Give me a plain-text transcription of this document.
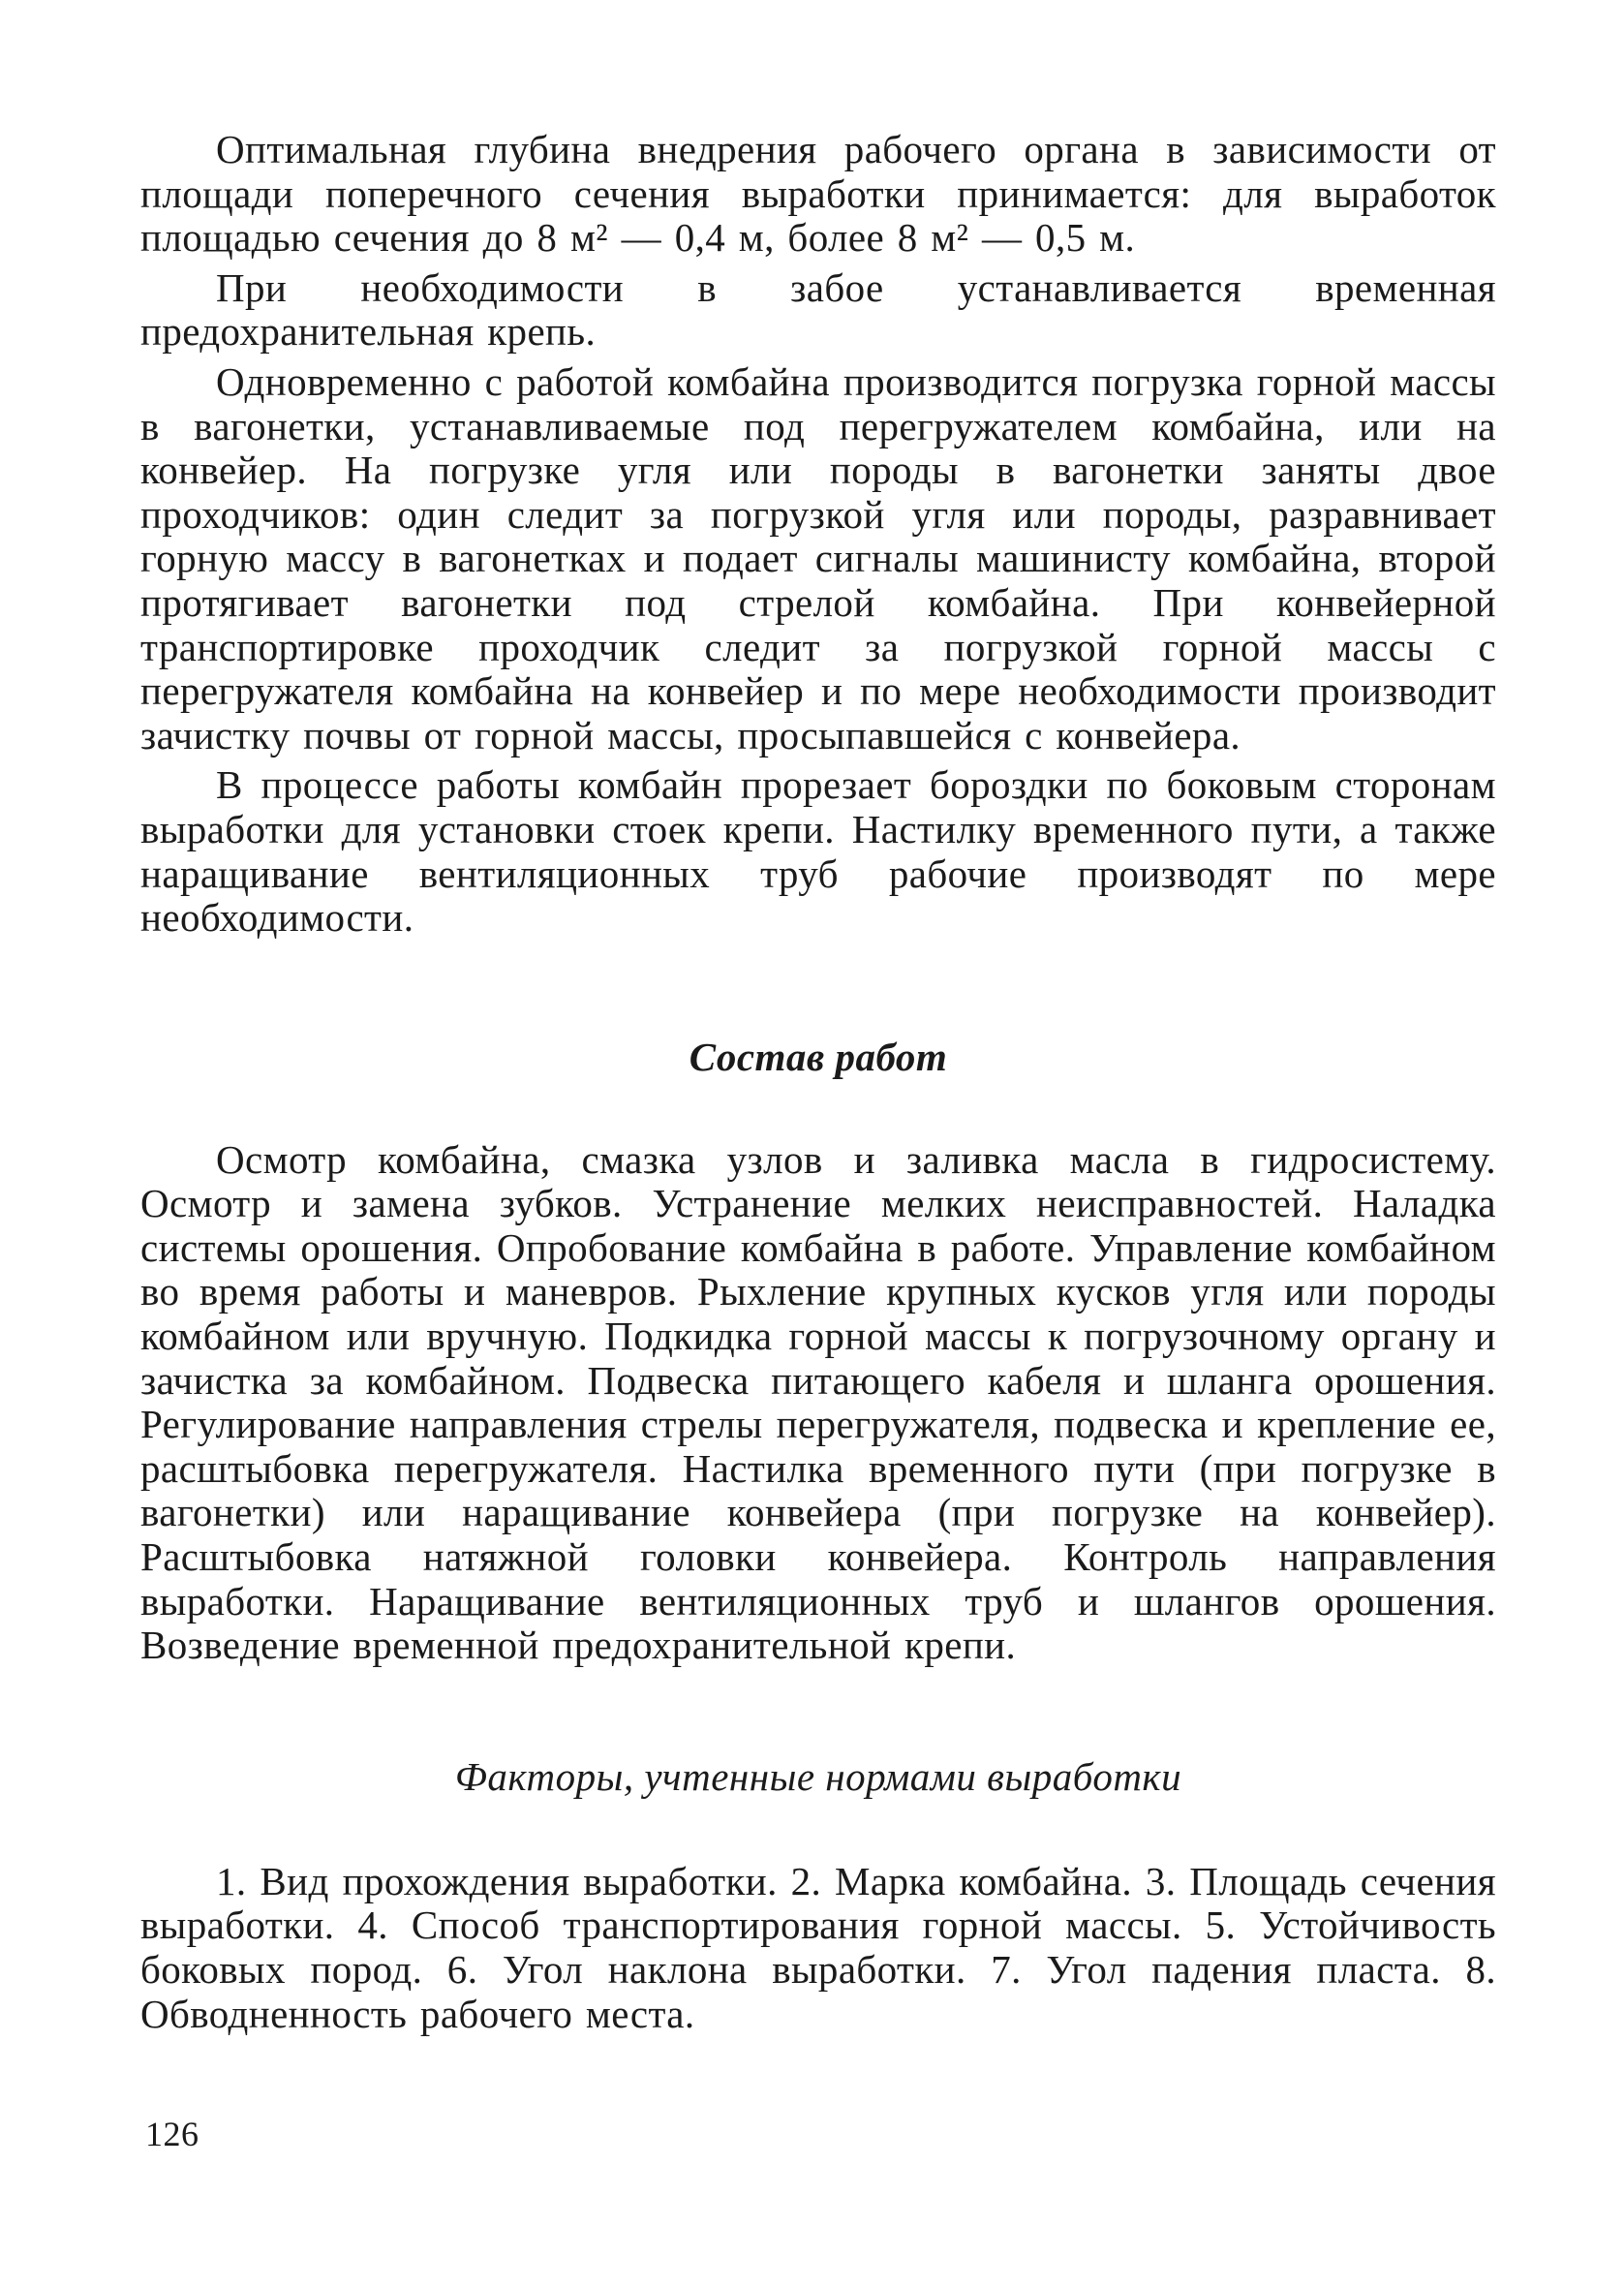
Оптимальная глубина внедрения рабочего органа в зависимости от площади поперечного сечения выработки принимается: для выработок площадью сечения до 8 м² — 0,4 м, более 8 м² — 0,5 м.

При необходимости в забое устанавливается временная предохранительная крепь.

Одновременно с работой комбайна производится погрузка горной массы в вагонетки, устанавливаемые под перегружателем комбайна, или на конвейер. На погрузке угля или породы в вагонетки заняты двое проходчиков: один следит за погрузкой угля или породы, разравнивает горную массу в вагонетках и подает сигналы машинисту комбайна, второй протягивает вагонетки под стрелой комбайна. При конвейерной транспортировке проходчик следит за погрузкой горной массы с перегружателя комбайна на конвейер и по мере необходимости производит зачистку почвы от горной массы, просыпавшейся с конвейера.

В процессе работы комбайн прорезает бороздки по боковым сторонам выработки для установки стоек крепи. Настилку временного пути, а также наращивание вентиляционных труб рабочие производят по мере необходимости.

Состав работ

Осмотр комбайна, смазка узлов и заливка масла в гидросистему. Осмотр и замена зубков. Устранение мелких неисправностей. Наладка системы орошения. Опробование комбайна в работе. Управление комбайном во время работы и маневров. Рыхление крупных кусков угля или породы комбайном или вручную. Подкидка горной массы к погрузочному органу и зачистка за комбайном. Подвеска питающего кабеля и шланга орошения. Регулирование направления стрелы перегружателя, подвеска и крепление ее, расштыбовка перегружателя. Настилка временного пути (при погрузке в вагонетки) или наращивание конвейера (при погрузке на конвейер). Расштыбовка натяжной головки конвейера. Контроль направления выработки. Наращивание вентиляционных труб и шлангов орошения. Возведение временной предохранительной крепи.

Факторы, учтенные нормами выработки

1. Вид прохождения выработки. 2. Марка комбайна. 3. Площадь сечения выработки. 4. Способ транспортирования горной массы. 5. Устойчивость боковых пород. 6. Угол наклона выработки. 7. Угол падения пласта. 8. Обводненность рабочего места.

126
